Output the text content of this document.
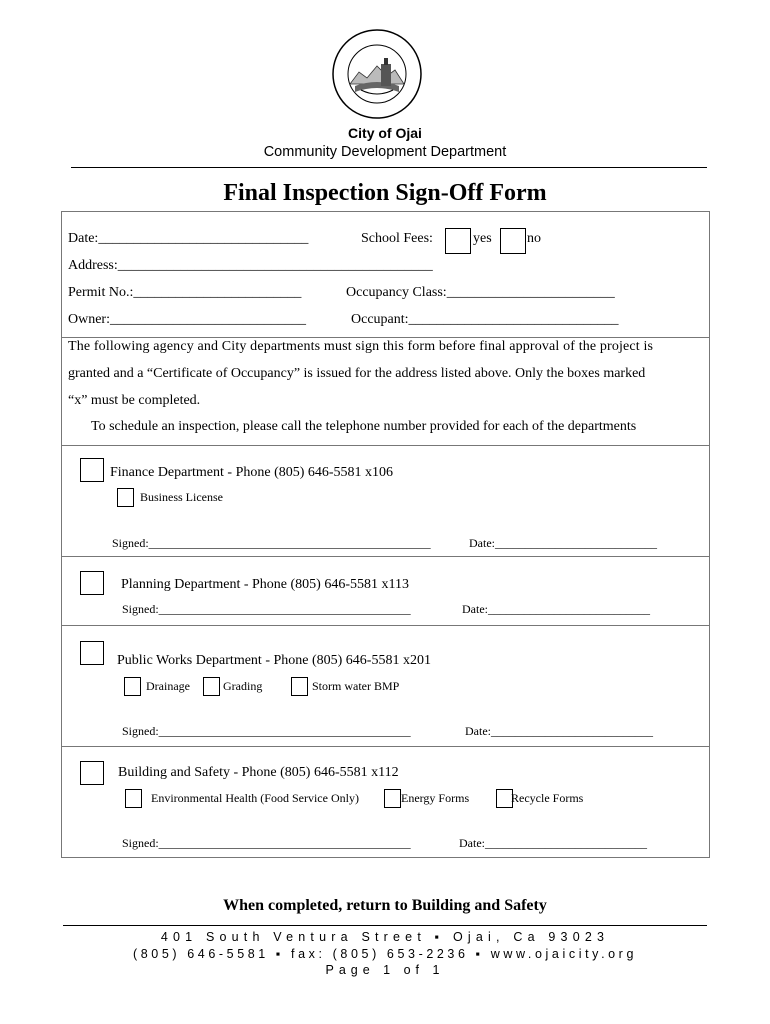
City of Ojai
Community Development Department
Final Inspection Sign-Off Form
Date:______________________________	School Fees:	yes	no
Address:_____________________________________________
Permit No.:________________________	Occupancy Class:________________________
Owner:____________________________	Occupant:______________________________
The following agency and City departments must sign this form before final approval of the project is
granted and a “Certificate of Occupancy” is issued for the address listed above. Only the boxes marked
“x” must be completed.
To schedule an inspection, please call the telephone number provided for each of the departments
Finance Department - Phone (805) 646-5581 x106
Business License
Signed:_______________________________________________	Date:___________________________
Planning Department - Phone (805) 646-5581 x113
Signed:__________________________________________	Date:___________________________
Public Works Department - Phone (805) 646-5581 x201
Drainage	Grading	Storm water BMP
Signed:__________________________________________	Date:___________________________
Building and Safety - Phone (805) 646-5581 x112
Environmental Health (Food Service Only)	Energy Forms	Recycle Forms
Signed:__________________________________________	Date:___________________________
When completed, return to Building and Safety
401 South Ventura Street ▪ Ojai, Ca 93023
(805) 646-5581 ▪ fax: (805) 653-2236 ▪ www.ojaicity.org
Page 1 of 1
